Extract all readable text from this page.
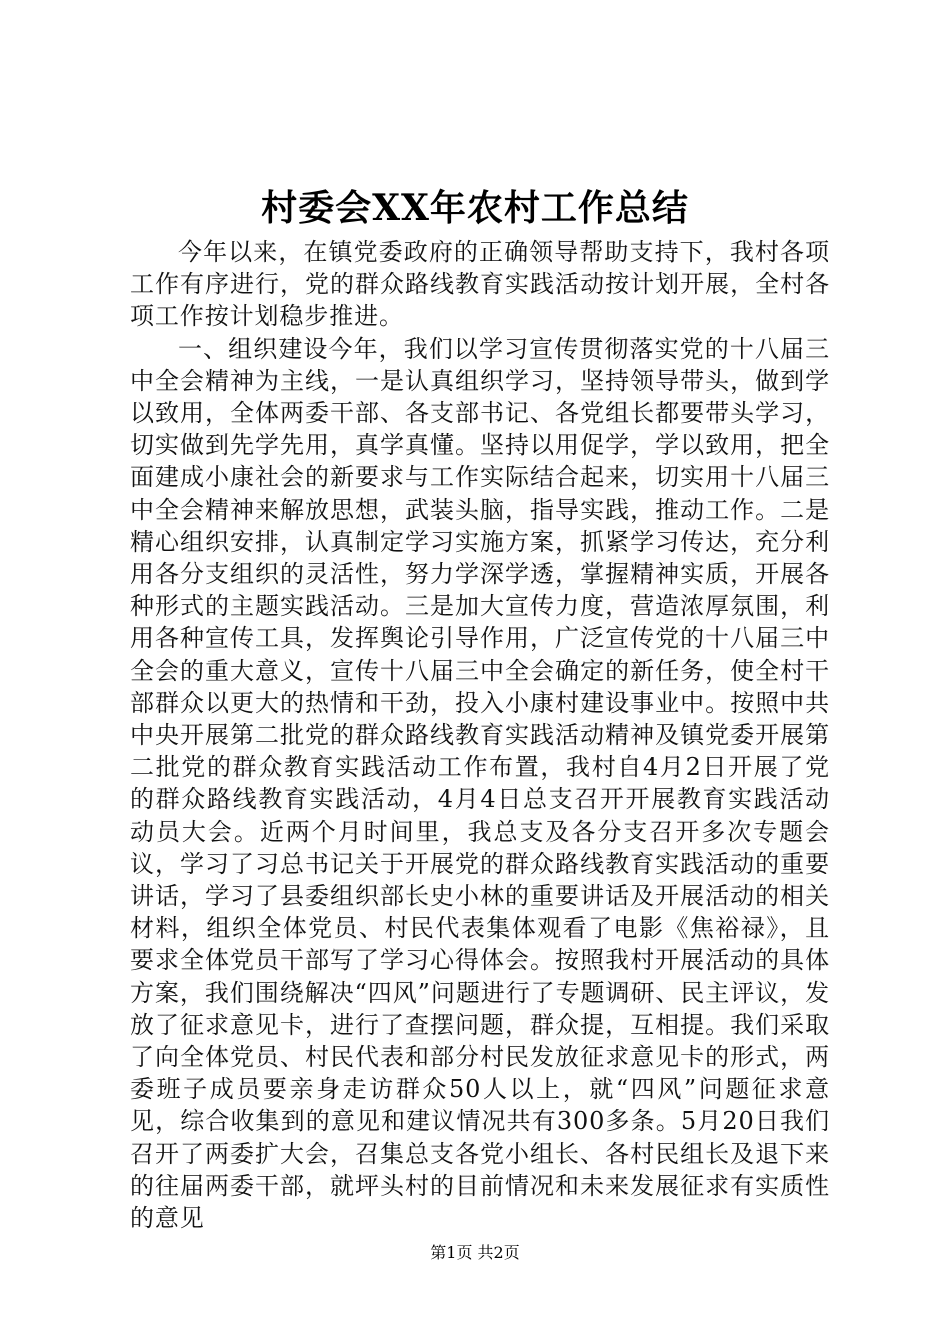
村委会XX年农村工作总结

今年以来，在镇党委政府的正确领导帮助支持下，我村各项工作有序进行，党的群众路线教育实践活动按计划开展，全村各项工作按计划稳步推进。

一、组织建设今年，我们以学习宣传贯彻落实党的十八届三中全会精神为主线，一是认真组织学习，坚持领导带头，做到学以致用，全体两委干部、各支部书记、各党组长都要带头学习，切实做到先学先用，真学真懂。坚持以用促学，学以致用，把全面建成小康社会的新要求与工作实际结合起来，切实用十八届三中全会精神来解放思想，武装头脑，指导实践，推动工作。二是精心组织安排，认真制定学习实施方案，抓紧学习传达，充分利用各分支组织的灵活性，努力学深学透，掌握精神实质，开展各种形式的主题实践活动。三是加大宣传力度，营造浓厚氛围，利用各种宣传工具，发挥舆论引导作用，广泛宣传党的十八届三中全会的重大意义，宣传十八届三中全会确定的新任务，使全村干部群众以更大的热情和干劲，投入小康村建设事业中。按照中共中央开展第二批党的群众路线教育实践活动精神及镇党委开展第二批党的群众教育实践活动工作布置，我村自4月2日开展了党的群众路线教育实践活动，4月4日总支召开开展教育实践活动动员大会。近两个月时间里，我总支及各分支召开多次专题会议，学习了习总书记关于开展党的群众路线教育实践活动的重要讲话，学习了县委组织部长史小林的重要讲话及开展活动的相关材料，组织全体党员、村民代表集体观看了电影《焦裕禄》，且要求全体党员干部写了学习心得体会。按照我村开展活动的具体方案，我们围绕解决“四风”问题进行了专题调研、民主评议，发放了征求意见卡，进行了查摆问题，群众提，互相提。我们采取了向全体党员、村民代表和部分村民发放征求意见卡的形式，两委班子成员要亲身走访群众50人以上，就“四风”问题征求意见，综合收集到的意见和建议情况共有300多条。5月20日我们召开了两委扩大会，召集总支各党小组长、各村民组长及退下来的往届两委干部，就坪头村的目前情况和未来发展征求有实质性的意见

第1页 共2页
